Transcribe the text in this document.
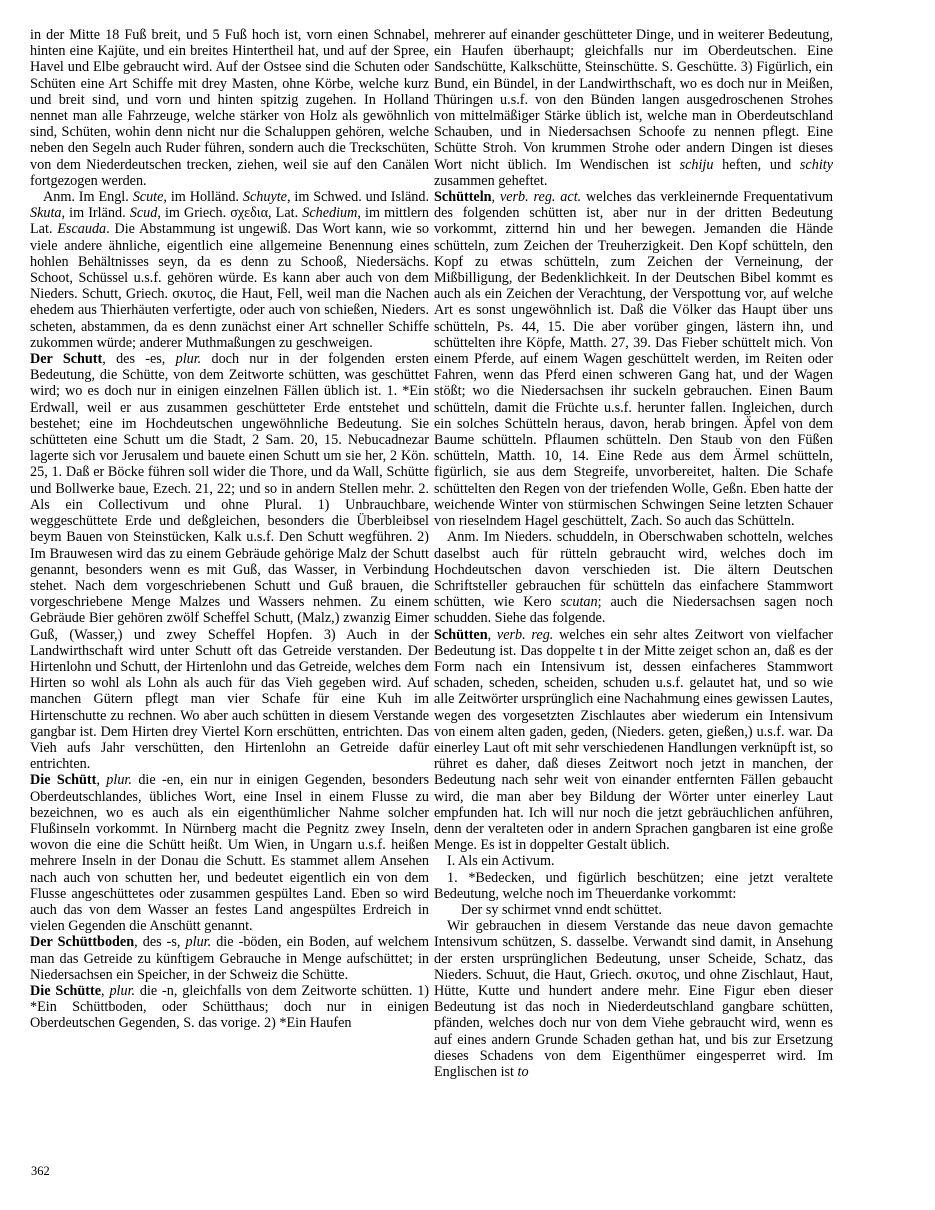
in der Mitte 18 Fuß breit, und 5 Fuß hoch ist, vorn einen Schnabel, hinten eine Kajüte, und ein breites Hintertheil hat, und auf der Spree, Havel und Elbe gebraucht wird. Auf der Ostsee sind die Schuten oder Schüten eine Art Schiffe mit drey Masten, ohne Körbe, welche kurz und breit sind, und vorn und hinten spitzig zugehen. In Holland nennet man alle Fahrzeuge, welche stärker von Holz als gewöhnlich sind, Schüten, wohin denn nicht nur die Schaluppen gehören, welche neben den Segeln auch Ruder führen, sondern auch die Treckschüten, von dem Niederdeutschen trecken, ziehen, weil sie auf den Canälen fortgezogen werden.

Anm. Im Engl. Scute, im Holländ. Schuyte, im Schwed. und Isländ. Skuta, im Irländ. Scud, im Griech. σχεδια, Lat. Schedium, im mittlern Lat. Escauda. Die Abstammung ist ungewiß. Das Wort kann, wie so viele andere ähnliche, eigentlich eine allgemeine Benennung eines hohlen Behältnisses seyn, da es denn zu Schooß, Niedersächs. Schoot, Schüssel u.s.f. gehören würde. Es kann aber auch von dem Nieders. Schutt, Griech. σκυτος, die Haut, Fell, weil man die Nachen ehedem aus Thierhäuten verfertigte, oder auch von schießen, Nieders. scheten, abstammen, da es denn zunächst einer Art schneller Schiffe zukommen würde; anderer Muthmaßungen zu geschweigen.

Der Schutt, des -es, plur. doch nur in der folgenden ersten Bedeutung, die Schütte, von dem Zeitworte schütten, was geschüttet wird; wo es doch nur in einigen einzelnen Fällen üblich ist. 1. *Ein Erdwall, weil er aus zusammen geschütteter Erde entstehet und bestehet; eine im Hochdeutschen ungewöhnliche Bedeutung. Sie schütteten eine Schutt um die Stadt, 2 Sam. 20, 15. Nebucadnezar lagerte sich vor Jerusalem und bauete einen Schutt um sie her, 2 Kön. 25, 1. Daß er Böcke führen soll wider die Thore, und da Wall, Schütte und Bollwerke baue, Ezech. 21, 22; und so in andern Stellen mehr. 2. Als ein Collectivum und ohne Plural. 1) Unbrauchbare, weggeschüttete Erde und deßgleichen, besonders die Überbleibsel beym Bauen von Steinstücken, Kalk u.s.f. Den Schutt wegführen. 2) Im Brauwesen wird das zu einem Gebräude gehörige Malz der Schutt genannt, besonders wenn es mit Guß, das Wasser, in Verbindung stehet. Nach dem vorgeschriebenen Schutt und Guß brauen, die vorgeschriebene Menge Malzes und Wassers nehmen. Zu einem Gebräude Bier gehören zwölf Scheffel Schutt, (Malz,) zwanzig Eimer Guß, (Wasser,) und zwey Scheffel Hopfen. 3) Auch in der Landwirthschaft wird unter Schutt oft das Getreide verstanden. Der Hirtenlohn und Schutt, der Hirtenlohn und das Getreide, welches dem Hirten so wohl als Lohn als auch für das Vieh gegeben wird. Auf manchen Gütern pflegt man vier Schafe für eine Kuh im Hirtenschutte zu rechnen. Wo aber auch schütten in diesem Verstande gangbar ist. Dem Hirten drey Viertel Korn erschütten, entrichten. Das Vieh aufs Jahr verschütten, den Hirtenlohn an Getreide dafür entrichten.

Die Schütt, plur. die -en, ein nur in einigen Gegenden, besonders Oberdeutschlandes, übliches Wort, eine Insel in einem Flusse zu bezeichnen, wo es auch als ein eigenthümlicher Nahme solcher Flußinseln vorkommt. In Nürnberg macht die Pegnitz zwey Inseln, wovon die eine die Schütt heißt. Um Wien, in Ungarn u.s.f. heißen mehrere Inseln in der Donau die Schutt. Es stammet allem Ansehen nach auch von schutten her, und bedeutet eigentlich ein von dem Flusse angeschüttetes oder zusammen gespültes Land. Eben so wird auch das von dem Wasser an festes Land angespültes Erdreich in vielen Gegenden die Anschütt genannt.

Der Schüttboden, des -s, plur. die -böden, ein Boden, auf welchem man das Getreide zu künftigem Gebrauche in Menge aufschüttet; in Niedersachsen ein Speicher, in der Schweiz die Schütte.

Die Schütte, plur. die -n, gleichfalls von dem Zeitworte schütten. 1) *Ein Schüttboden, oder Schütthaus; doch nur in einigen Oberdeutschen Gegenden, S. das vorige. 2) *Ein Haufen

mehrerer auf einander geschütteter Dinge, und in weiterer Bedeutung, ein Haufen überhaupt; gleichfalls nur im Oberdeutschen. Eine Sandschütte, Kalkschütte, Steinschütte. S. Geschütte. 3) Figürlich, ein Bund, ein Bündel, in der Landwirthschaft, wo es doch nur in Meißen, Thüringen u.s.f. von den Bünden langen ausgedroschenen Strohes von mittelmäßiger Stärke üblich ist, welche man in Oberdeutschland Schauben, und in Niedersachsen Schoofe zu nennen pflegt. Eine Schütte Stroh. Von krummen Strohe oder andern Dingen ist dieses Wort nicht üblich. Im Wendischen ist schiju heften, und schity zusammen geheftet.

Schütteln, verb. reg. act. welches das verkleinernde Frequentativum des folgenden schütten ist, aber nur in der dritten Bedeutung vorkommt, zitternd hin und her bewegen. Jemanden die Hände schütteln, zum Zeichen der Treuherzigkeit. Den Kopf schütteln, den Kopf zu etwas schütteln, zum Zeichen der Verneinung, der Mißbilligung, der Bedenklichkeit. In der Deutschen Bibel kommt es auch als ein Zeichen der Verachtung, der Verspottung vor, auf welche Art es sonst ungewöhnlich ist. Daß die Völker das Haupt über uns schütteln, Ps. 44, 15. Die aber vorüber gingen, lästern ihn, und schüttelten ihre Köpfe, Matth. 27, 39. Das Fieber schüttelt mich. Von einem Pferde, auf einem Wagen geschüttelt werden, im Reiten oder Fahren, wenn das Pferd einen schweren Gang hat, und der Wagen stößt; wo die Niedersachsen ihr suckeln gebrauchen. Einen Baum schütteln, damit die Früchte u.s.f. herunter fallen. Ingleichen, durch ein solches Schütteln heraus, davon, herab bringen. Äpfel von dem Baume schütteln. Pflaumen schütteln. Den Staub von den Füßen schütteln, Matth. 10, 14. Eine Rede aus dem Ärmel schütteln, figürlich, sie aus dem Stegreife, unvorbereitet, halten. Die Schafe schüttelten den Regen von der triefenden Wolle, Geßn. Eben hatte der weichende Winter von stürmischen Schwingen Seine letzten Schauer von rieselndem Hagel geschüttelt, Zach. So auch das Schütteln.

Anm. Im Nieders. schuddeln, in Oberschwaben schotteln, welches daselbst auch für rütteln gebraucht wird, welches doch im Hochdeutschen davon verschieden ist. Die ältern Deutschen Schriftsteller gebrauchen für schütteln das einfachere Stammwort schütten, wie Kero scutan; auch die Niedersachsen sagen noch schudden. Siehe das folgende.

Schütten, verb. reg. welches ein sehr altes Zeitwort von vielfacher Bedeutung ist. Das doppelte t in der Mitte zeiget schon an, daß es der Form nach ein Intensivum ist, dessen einfacheres Stammwort schaden, scheden, scheiden, schuden u.s.f. gelautet hat, und so wie alle Zeitwörter ursprünglich eine Nachahmung eines gewissen Lautes, wegen des vorgesetzten Zischlautes aber wiederum ein Intensivum von einem alten gaden, geden, (Nieders. geten, gießen,) u.s.f. war. Da einerley Laut oft mit sehr verschiedenen Handlungen verknüpft ist, so rühret es daher, daß dieses Zeitwort noch jetzt in manchen, der Bedeutung nach sehr weit von einander entfernten Fällen gebaucht wird, die man aber bey Bildung der Wörter unter einerley Laut empfunden hat. Ich will nur noch die jetzt gebräuchlichen anführen, denn der veralteten oder in andern Sprachen gangbaren ist eine große Menge. Es ist in doppelter Gestalt üblich.

I. Als ein Activum.

1. *Bedecken, und figürlich beschützen; eine jetzt veraltete Bedeutung, welche noch im Theuerdanke vorkommt:

Der sy schirmet vnnd endt schüttet.

Wir gebrauchen in diesem Verstande das neue davon gemachte Intensivum schützen, S. dasselbe. Verwandt sind damit, in Ansehung der ersten ursprünglichen Bedeutung, unser Scheide, Schatz, das Nieders. Schuut, die Haut, Griech. σκυτος, und ohne Zischlaut, Haut, Hütte, Kutte und hundert andere mehr. Eine Figur eben dieser Bedeutung ist das noch in Niederdeutschland gangbare schütten, pfänden, welches doch nur von dem Viehe gebraucht wird, wenn es auf eines andern Grunde Schaden gethan hat, und bis zur Ersetzung dieses Schadens von dem Eigenthümer eingesperret wird. Im Englischen ist to

362
